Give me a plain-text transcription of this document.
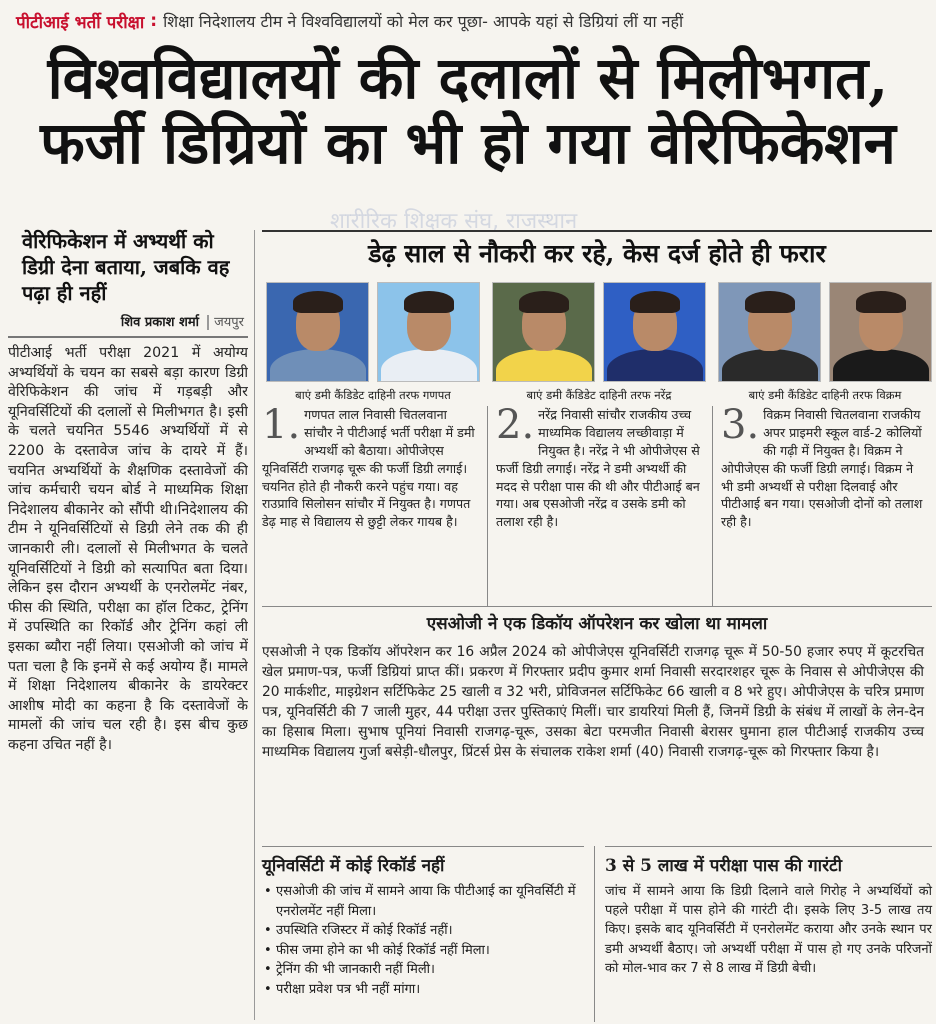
पीटीआई भर्ती परीक्षा : शिक्षा निदेशालय टीम ने विश्वविद्यालयों को मेल कर पूछा- आपके यहां से डिग्रियां लीं या नहीं
विश्वविद्यालयों की दलालों से मिलीभगत,
फर्जी डिग्रियों का भी हो गया वेरिफिकेशन
शारीरिक शिक्षक संघ, राजस्थान
वेरिफिकेशन में अभ्यर्थी को डिग्री देना बताया, जबकि वह पढ़ा ही नहीं
शिव प्रकाश शर्मा जयपुर

पीटीआई भर्ती परीक्षा 2021 में अयोग्य अभ्यर्थियों के चयन का सबसे बड़ा कारण डिग्री वेरिफिकेशन की जांच में गड़बड़ी और यूनिवर्सिटियों की दलालों से मिलीभगत है। इसी के चलते चयनित 5546 अभ्यर्थियों में से 2200 के दस्तावेज जांच के दायरे में हैं। चयनित अभ्यर्थियों के शैक्षणिक दस्तावेजों की जांच कर्मचारी चयन बोर्ड ने माध्यमिक शिक्षा निदेशालय बीकानेर को सौंपी थी।निदेशालय की टीम ने यूनिवर्सिटियों से डिग्री लेने तक की ही जानकारी ली। दलालों से मिलीभगत के चलते यूनिवर्सिटियों ने डिग्री को सत्यापित बता दिया। लेकिन इस दौरान अभ्यर्थी के एनरोलमेंट नंबर, फीस की स्थिति, परीक्षा का हॉल टिकट, ट्रेनिंग में उपस्थिति का रिकॉर्ड और ट्रेनिंग कहां ली इसका ब्यौरा नहीं लिया। एसओजी को जांच में पता चला है कि इनमें से कई अयोग्य हैं। मामले में शिक्षा निदेशालय बीकानेर के डायरेक्टर आशीष मोदी का कहना है कि दस्तावेजों के मामलों की जांच चल रही है। इस बीच कुछ कहना उचित नहीं है।

डेढ़ साल से नौकरी कर रहे, केस दर्ज होते ही फरार
बाएं डमी कैंडिडेट दाहिनी तरफ गणपत	बाएं डमी कैंडिडेट दाहिनी तरफ नरेंद्र	बाएं डमी कैंडिडेट दाहिनी तरफ विक्रम
1. गणपत लाल निवासी चितलवाना सांचौर ने पीटीआई भर्ती परीक्षा में डमी अभ्यर्थी को बैठाया। ओपीजेएस यूनिवर्सिटी राजगढ़ चूरू की फर्जी डिग्री लगाई। चयनित होते ही नौकरी करने पहुंच गया। वह राउप्रावि सिलोसन सांचौर में नियुक्त है। गणपत डेढ़ माह से विद्यालय से छुट्टी लेकर गायब है।
2. नरेंद्र निवासी सांचौर राजकीय उच्च माध्यमिक विद्यालय लच्छीवाड़ा में नियुक्त है। नरेंद्र ने भी ओपीजेएस से फर्जी डिग्री लगाई। नरेंद्र ने डमी अभ्यर्थी की मदद से परीक्षा पास की थी और पीटीआई बन गया। अब एसओजी नरेंद्र व उसके डमी को तलाश रही है।
3. विक्रम निवासी चितलवाना राजकीय अपर प्राइमरी स्कूल वार्ड-2 कोलियों की गढ़ी में नियुक्त है। विक्रम ने ओपीजेएस की फर्जी डिग्री लगाई। विक्रम ने भी डमी अभ्यर्थी से परीक्षा दिलवाई और पीटीआई बन गया। एसओजी दोनों को तलाश रही है।
एसओजी ने एक डिकॉय ऑपरेशन कर खोला था मामला

एसओजी ने एक डिकॉय ऑपरेशन कर 16 अप्रैल 2024 को ओपीजेएस यूनिवर्सिटी राजगढ़ चूरू में 50-50 हजार रुपए में कूटरचित खेल प्रमाण-पत्र, फर्जी डिग्रियां प्राप्त कीं। प्रकरण में गिरफ्तार प्रदीप कुमार शर्मा निवासी सरदारशहर चूरू के निवास से ओपीजेएस की 20 मार्कशीट, माइग्रेशन सर्टिफिकेट 25 खाली व 32 भरी, प्रोविजनल सर्टिफिकेट 66 खाली व 8 भरे हुए। ओपीजेएस के चरित्र प्रमाण पत्र, यूनिवर्सिटी की 7 जाली मुहर, 44 परीक्षा उत्तर पुस्तिकाएं मिलीं। चार डायरियां मिली हैं, जिनमें डिग्री के संबंध में लाखों के लेन-देन का हिसाब मिला। सुभाष पूनियां निवासी राजगढ़-चूरू, उसका बेटा परमजीत निवासी बेरासर घुमाना हाल पीटीआई राजकीय उच्च माध्यमिक विद्यालय गुर्जा बसेड़ी-धौलपुर, प्रिंटर्स प्रेस के संचालक राकेश शर्मा (40) निवासी राजगढ़-चूरू को गिरफ्तार किया है।

यूनिवर्सिटी में कोई रिकॉर्ड नहीं
• एसओजी की जांच में सामने आया कि पीटीआई का यूनिवर्सिटी में एनरोलमेंट नहीं मिला।
• उपस्थिति रजिस्टर में कोई रिकॉर्ड नहीं।
• फीस जमा होने का भी कोई रिकॉर्ड नहीं मिला।
• ट्रेनिंग की भी जानकारी नहीं मिली।
• परीक्षा प्रवेश पत्र भी नहीं मांगा।
3 से 5 लाख में परीक्षा पास की गारंटी

जांच में सामने आया कि डिग्री दिलाने वाले गिरोह ने अभ्यर्थियों को पहले परीक्षा में पास होने की गारंटी दी। इसके लिए 3-5 लाख तय किए। इसके बाद यूनिवर्सिटी में एनरोलमेंट कराया और उनके स्थान पर डमी अभ्यर्थी बैठाए। जो अभ्यर्थी परीक्षा में पास हो गए उनके परिजनों को मोल-भाव कर 7 से 8 लाख में डिग्री बेची।
